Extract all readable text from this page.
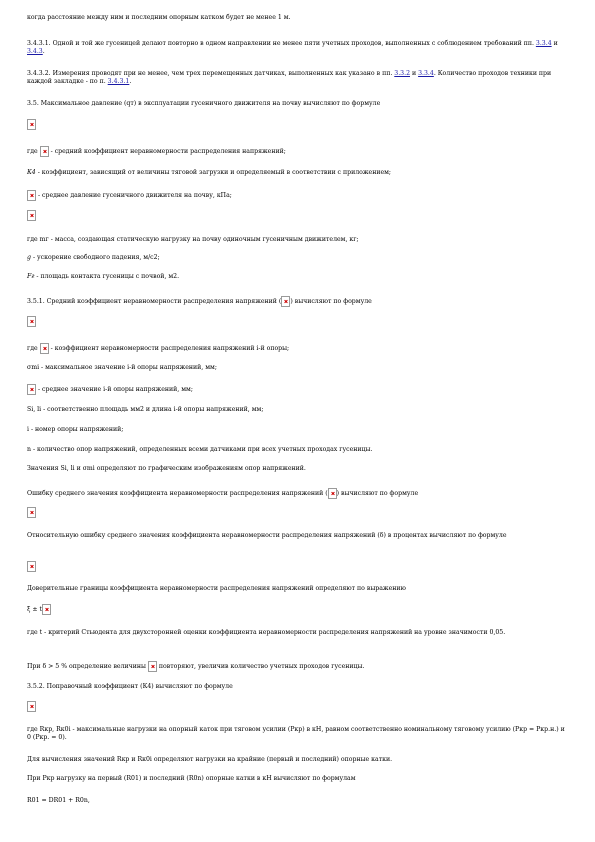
когда расстояние между ним и последним опорным катком будет не менее 1 м.

3.4.3.1. Одной и той же гусеницей делают повторно в одном направлении не менее пяти учетных проходов, выполненных с соблюдением требований пп. 3.3.4 и 3.4.3.

3.4.3.2. Измерения проводят при не менее, чем трех перемещенных датчиках, выполненных как указано в пп. 3.3.2 и 3.3.4. Количество проходов техники при каждой закладке - по п. 3.4.3.1.

3.5. Максимальное давление (qт) в эксплуатации гусеничного движителя на почву вычисляют по формуле

где - средний коэффициент неравномерности распределения напряжений;

К4 - коэффициент, зависящий от величины тяговой загрузки и определяемый в соответствии с приложением;

- среднее давление гусеничного движителя на почву, кПа;

где mг - масса, создающая статическую нагрузку на почву одиночным гусеничным движителем, кг;

g - ускорение свободного падения, м/с2;

Fг - площадь контакта гусеницы с почвой, м2.

3.5.1. Средний коэффициент неравномерности распределения напряжений ( ) вычисляют по формуле

где - коэффициент неравномерности распределения напряжений i-й опоры;

σmi - максимальное значение i-й опоры напряжений, мм;

- среднее значение i-й опоры напряжений, мм;

Si, li - соответственно площадь мм2 и длина i-й опоры напряжений, мм;

i - номер опоры напряжений;

n - количество опор напряжений, определенных всеми датчиками при всех учетных проходах гусеницы.

Значения Si, li и σmi определяют по графическим изображениям опор напряжений.

Ошибку среднего значения коэффициента неравномерности распределения напряжений ( ) вычисляют по формуле

Относительную ошибку среднего значения коэффициента неравномерности распределения напряжений (δ) в процентах вычисляют по формуле

Доверительные границы коэффициента неравномерности распределения напряжений определяют по выражению

ξ ± t

где t - критерий Стьюдента для двухсторонней оценки коэффициента неравномерности распределения напряжений на уровне значимости 0,05.

При δ > 5 % определение величины повторяют, увеличив количество учетных проходов гусеницы.

3.5.2. Поправочный коэффициент (К4) вычисляют по формуле

где Rкр, Rк0i - максимальные нагрузки на опорный каток при тяговом усилии (Pкр) в кН, равном соответственно номинальному тяговому усилию (Pкр = Pкр.н.) и 0 (Pкр. = 0).

Для вычисления значений Rкр и Rк0i определяют нагрузки на крайние (первый и последний) опорные катки.

При Pкр нагрузку на первый (R01) и последний (R0n) опорные катки в кН вычисляют по формулам

R01 = DR01 + R0n,
